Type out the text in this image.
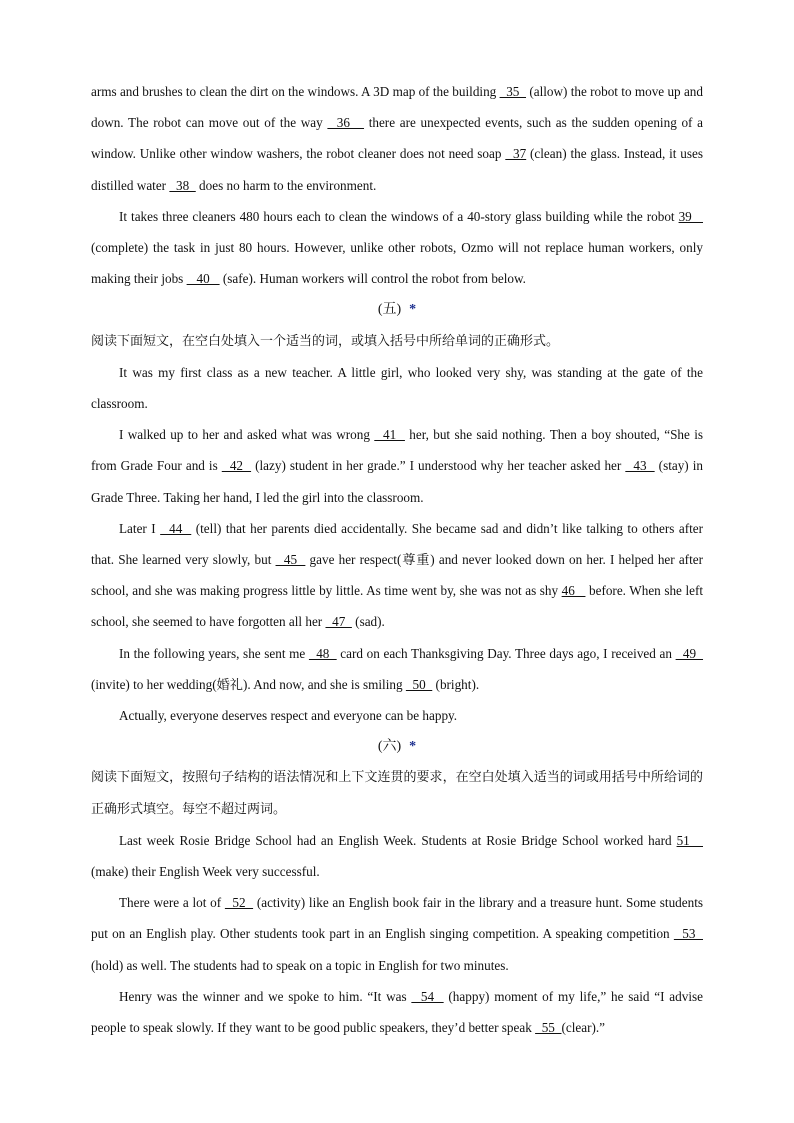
arms and brushes to clean the dirt on the windows. A 3D map of the building   35   (allow) the robot to move up and down. The robot can move out of the way   36    there are unexpected events, such as the sudden opening of a window. Unlike other window washers, the robot cleaner does not need soap   37 (clean) the glass. Instead, it uses distilled water   38   does no harm to the environment.

It takes three cleaners 480 hours each to clean the windows of a 40-story glass building while the robot 39    (complete) the task in just 80 hours. However, unlike other robots, Ozmo will not replace human workers, only making their jobs    40    (safe). Human workers will control the robot from below.

(五) *

阅读下面短文，在空白处填入一个适当的词，或填入括号中所给单词的正确形式。

It was my first class as a new teacher. A little girl, who looked very shy, was standing at the gate of the classroom.

I walked up to her and asked what was wrong   41   her, but she said nothing. Then a boy shouted, “She is from Grade Four and is   42   (lazy) student in her grade.” I understood why her teacher asked her   43   (stay) in Grade Three. Taking her hand, I led the girl into the classroom.

Later I   44   (tell) that her parents died accidentally. She became sad and didn’t like talking to others after that. She learned very slowly, but   45   gave her respect(尊重) and never looked down on her. I helped her after school, and she was making progress little by little. As time went by, she was not as shy 46    before. When she left school, she seemed to have forgotten all her   47   (sad).

In the following years, she sent me   48   card on each Thanksgiving Day. Three days ago, I received an   49   (invite) to her wedding(婚礼). And now, and she is smiling   50   (bright).

Actually, everyone deserves respect and everyone can be happy.

(六) *

阅读下面短文，按照句子结构的语法情况和上下文连贯的要求，在空白处填入适当的词或用括号中所给词的正确形式填空。每空不超过两词。

Last week Rosie Bridge School had an English Week. Students at Rosie Bridge School worked hard 51    (make) their English Week very successful.

There were a lot of   52   (activity) like an English book fair in the library and a treasure hunt. Some students put on an English play. Other students took part in an English singing competition. A speaking competition   53   (hold) as well. The students had to speak on a topic in English for two minutes.

Henry was the winner and we spoke to him. “It was   54   (happy) moment of my life,” he said “I advise people to speak slowly. If they want to be good public speakers, they’d better speak   55  (clear).”
